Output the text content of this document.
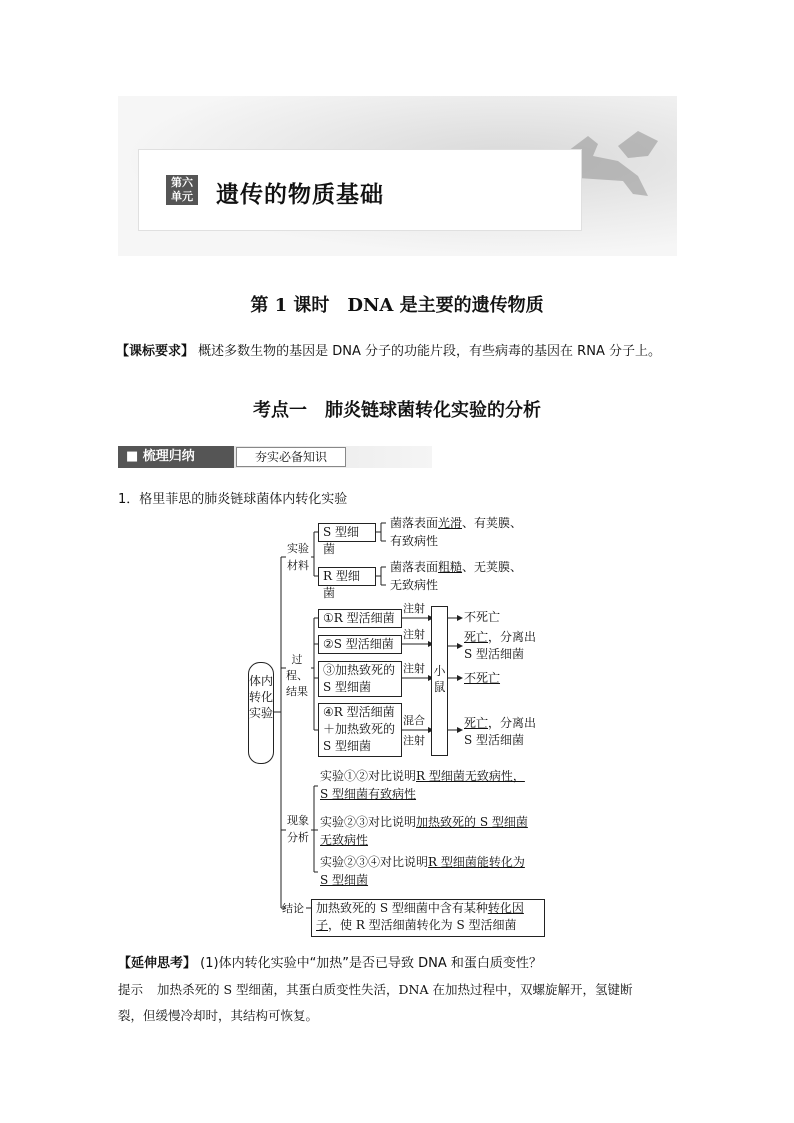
第六
单元 遗传的物质基础
第 1 课时　DNA 是主要的遗传物质
【课标要求】 概述多数生物的基因是 DNA 分子的功能片段，有些病毒的基因在 RNA 分子上。
考点一　肺炎链球菌转化实验的分析
■ 梳理归纳	夯实必备知识
1．格里菲思的肺炎链球菌体内转化实验
体内转化实验
实验材料
过程、结果
现象分析
结论
S 型细菌
菌落表面光滑、有荚膜、
有致病性
R 型细菌
菌落表面粗糙、无荚膜、
无致病性
①R 型活细菌
②S 型活细菌
③加热致死的
S 型细菌
④R 型活细菌
＋加热致死的
S 型细菌
注射
注射
注射
混合
注射
小鼠
不死亡
死亡，分离出
S 型活细菌
不死亡
死亡，分离出
S 型活细菌
实验①②对比说明R 型细菌无致病性，
S 型细菌有致病性
实验②③对比说明加热致死的 S 型细菌
无致病性
实验②③④对比说明R 型细菌能转化为
S 型细菌
加热致死的 S 型细菌中含有某种转化因
子，使 R 型活细菌转化为 S 型活细菌
【延伸思考】 (1)体内转化实验中“加热”是否已导致 DNA 和蛋白质变性？
提示 加热杀死的 S 型细菌，其蛋白质变性失活，DNA 在加热过程中，双螺旋解开，氢键断
裂，但缓慢冷却时，其结构可恢复。
